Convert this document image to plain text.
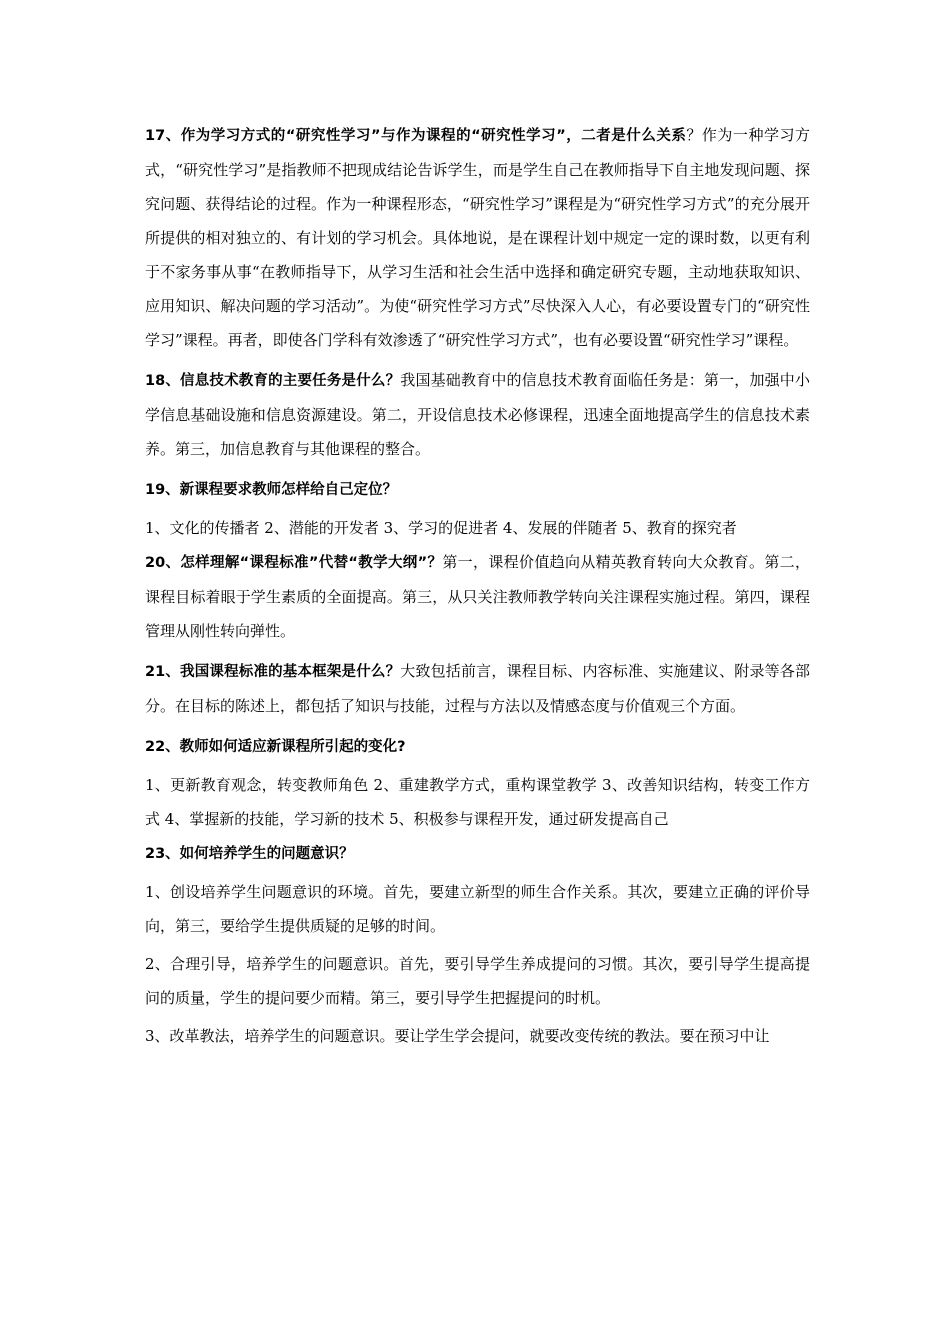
17、作为学习方式的“研究性学习”与作为课程的“研究性学习”，二者是什么关系？作为一种学习方式，“研究性学习”是指教师不把现成结论告诉学生，而是学生自己在教师指导下自主地发现问题、探究问题、获得结论的过程。作为一种课程形态，“研究性学习”课程是为“研究性学习方式”的充分展开所提供的相对独立的、有计划的学习机会。具体地说，是在课程计划中规定一定的课时数，以更有利于不家务事从事“在教师指导下，从学习生活和社会生活中选择和确定研究专题，主动地获取知识、应用知识、解决问题的学习活动”。为使“研究性学习方式”尽快深入人心，有必要设置专门的“研究性学习”课程。再者，即使各门学科有效渗透了“研究性学习方式”，也有必要设置“研究性学习”课程。

18、信息技术教育的主要任务是什么？我国基础教育中的信息技术教育面临任务是：第一，加强中小学信息基础设施和信息资源建设。第二，开设信息技术必修课程，迅速全面地提高学生的信息技术素养。第三，加信息教育与其他课程的整合。

19、新课程要求教师怎样给自己定位？

1、文化的传播者 2、潜能的开发者 3、学习的促进者 4、发展的伴随者 5、教育的探究者

20、怎样理解“课程标准”代替“教学大纲”？第一，课程价值趋向从精英教育转向大众教育。第二，课程目标着眼于学生素质的全面提高。第三，从只关注教师教学转向关注课程实施过程。第四，课程管理从刚性转向弹性。

21、我国课程标准的基本框架是什么？大致包括前言，课程目标、内容标准、实施建议、附录等各部分。在目标的陈述上，都包括了知识与技能，过程与方法以及情感态度与价值观三个方面。

22、教师如何适应新课程所引起的变化?

1、更新教育观念，转变教师角色 2、重建教学方式，重构课堂教学 3、改善知识结构，转变工作方式 4、掌握新的技能，学习新的技术 5、积极参与课程开发，通过研发提高自己

23、如何培养学生的问题意识？

1、创设培养学生问题意识的环境。首先，要建立新型的师生合作关系。其次，要建立正确的评价导向，第三，要给学生提供质疑的足够的时间。

2、合理引导，培养学生的问题意识。首先，要引导学生养成提问的习惯。其次，要引导学生提高提问的质量，学生的提问要少而精。第三，要引导学生把握提问的时机。

3、改革教法，培养学生的问题意识。要让学生学会提问，就要改变传统的教法。要在预习中让
